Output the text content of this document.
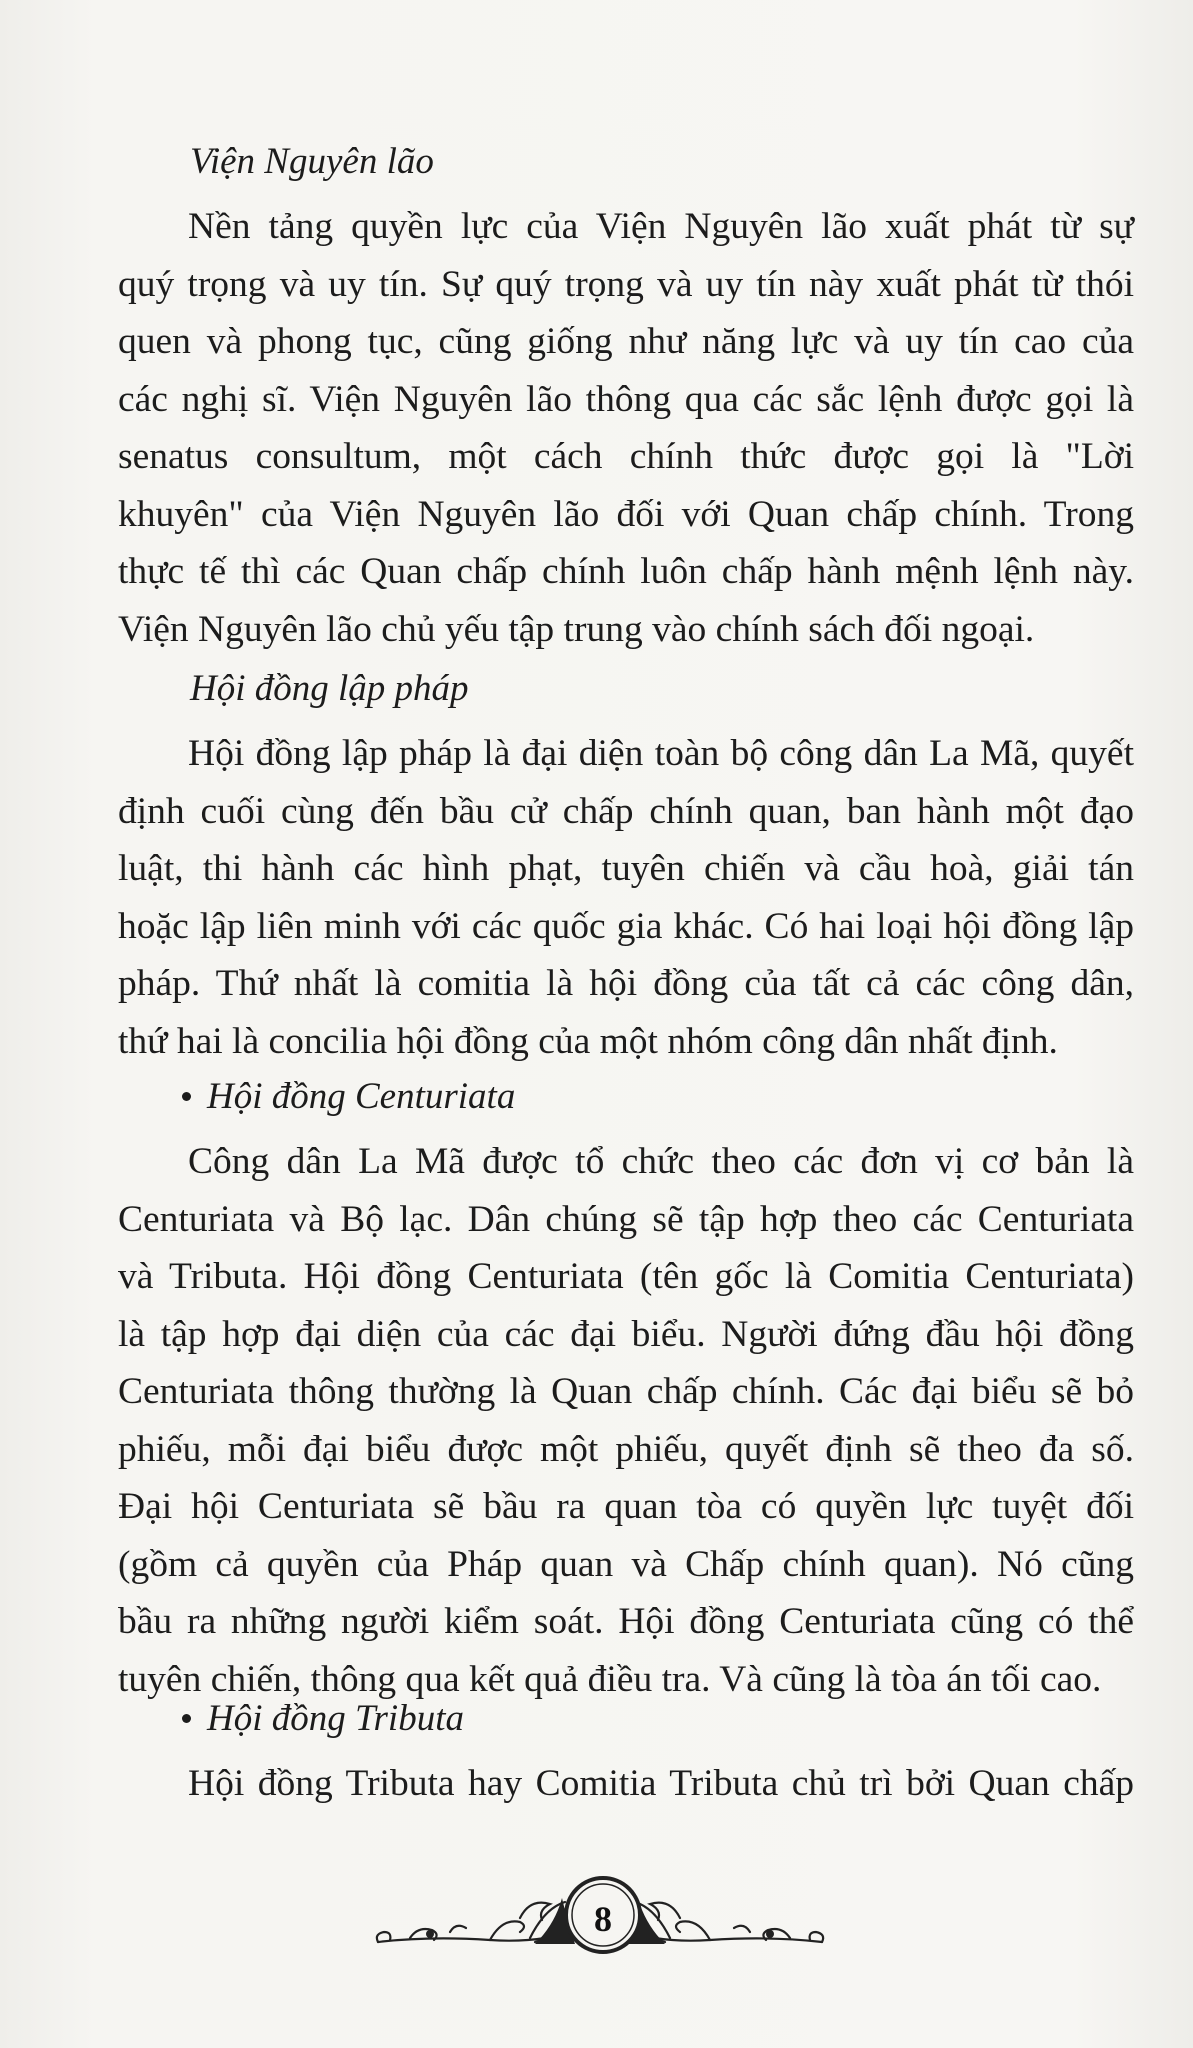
Viện Nguyên lão
Nền tảng quyền lực của Viện Nguyên lão xuất phát từ sự
quý trọng và uy tín. Sự quý trọng và uy tín này xuất phát từ thói
quen và phong tục, cũng giống như năng lực và uy tín cao của
các nghị sĩ. Viện Nguyên lão thông qua các sắc lệnh được gọi là
senatus consultum, một cách chính thức được gọi là "Lời
khuyên" của Viện Nguyên lão đối với Quan chấp chính. Trong
thực tế thì các Quan chấp chính luôn chấp hành mệnh lệnh này.
Viện Nguyên lão chủ yếu tập trung vào chính sách đối ngoại.
Hội đồng lập pháp
Hội đồng lập pháp là đại diện toàn bộ công dân La Mã, quyết
định cuối cùng đến bầu cử chấp chính quan, ban hành một đạo
luật, thi hành các hình phạt, tuyên chiến và cầu hoà, giải tán
hoặc lập liên minh với các quốc gia khác. Có hai loại hội đồng lập
pháp. Thứ nhất là comitia là hội đồng của tất cả các công dân,
thứ hai là concilia hội đồng của một nhóm công dân nhất định.
Hội đồng Centuriata
Công dân La Mã được tổ chức theo các đơn vị cơ bản là
Centuriata và Bộ lạc. Dân chúng sẽ tập hợp theo các Centuriata
và Tributa. Hội đồng Centuriata (tên gốc là Comitia Centuriata)
là tập hợp đại diện của các đại biểu. Người đứng đầu hội đồng
Centuriata thông thường là Quan chấp chính. Các đại biểu sẽ bỏ
phiếu, mỗi đại biểu được một phiếu, quyết định sẽ theo đa số.
Đại hội Centuriata sẽ bầu ra quan tòa có quyền lực tuyệt đối
(gồm cả quyền của Pháp quan và Chấp chính quan). Nó cũng
bầu ra những người kiểm soát. Hội đồng Centuriata cũng có thể
tuyên chiến, thông qua kết quả điều tra. Và cũng là tòa án tối cao.
Hội đồng Tributa
Hội đồng Tributa hay Comitia Tributa chủ trì bởi Quan chấp
8
